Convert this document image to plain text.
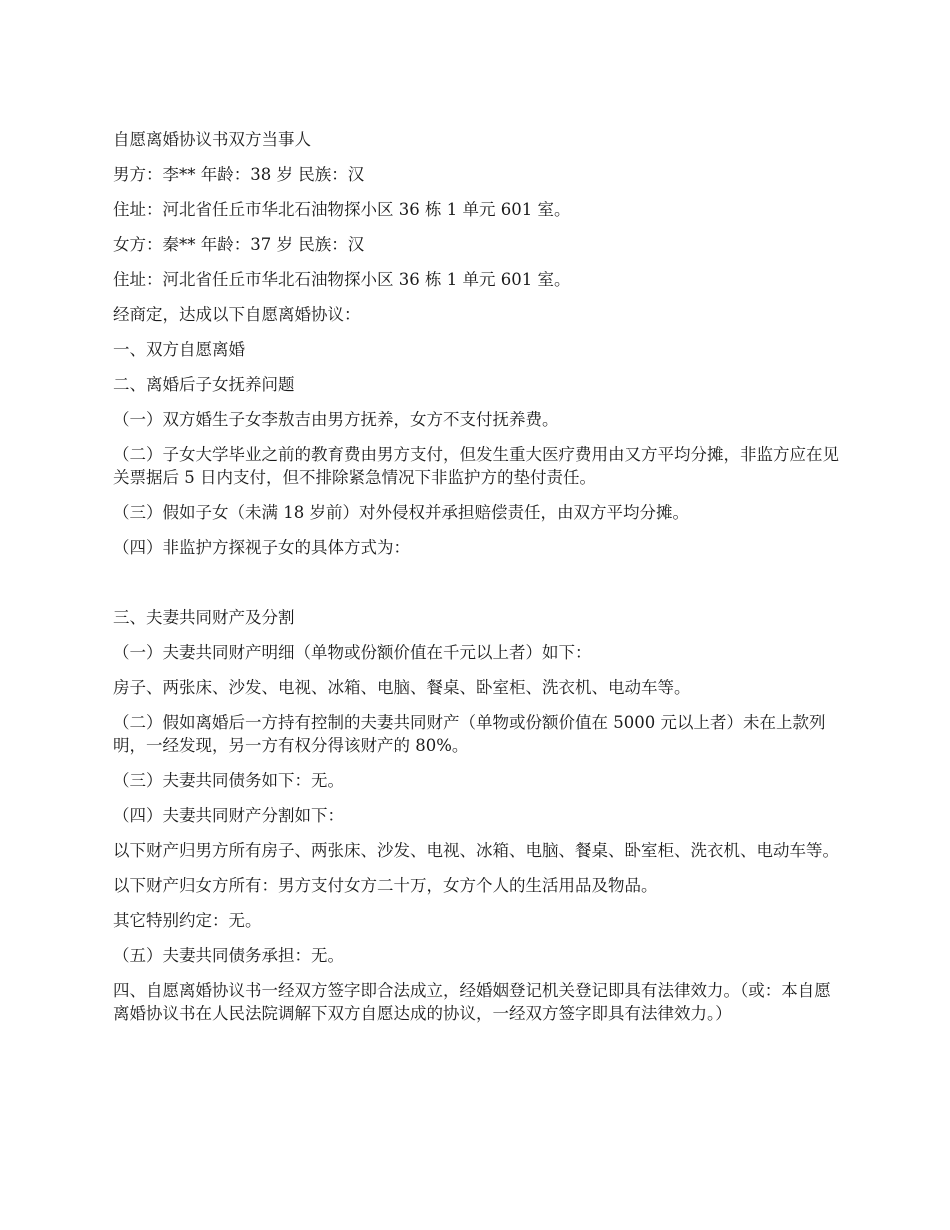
自愿离婚协议书双方当事人

男方：李** 年龄：38 岁 民族：汉

住址：河北省任丘市华北石油物探小区 36 栋 1 单元 601 室。

女方：秦** 年龄：37 岁 民族：汉

住址：河北省任丘市华北石油物探小区 36 栋 1 单元 601 室。

经商定，达成以下自愿离婚协议：

一、双方自愿离婚

二、离婚后子女抚养问题

（一）双方婚生子女李敖吉由男方抚养，女方不支付抚养费。

（二）子女大学毕业之前的教育费由男方支付，但发生重大医疗费用由又方平均分摊，非监方应在见关票据后 5 日内支付，但不排除紧急情况下非监护方的垫付责任。

（三）假如子女（未满 18 岁前）对外侵权并承担赔偿责任，由双方平均分摊。

（四）非监护方探视子女的具体方式为：

三、夫妻共同财产及分割

（一）夫妻共同财产明细（单物或份额价值在千元以上者）如下：

房子、两张床、沙发、电视、冰箱、电脑、餐桌、卧室柜、洗衣机、电动车等。

（二）假如离婚后一方持有控制的夫妻共同财产（单物或份额价值在 5000 元以上者）未在上款列明，一经发现，另一方有权分得该财产的 80%。

（三）夫妻共同债务如下：无。

（四）夫妻共同财产分割如下：

以下财产归男方所有房子、两张床、沙发、电视、冰箱、电脑、餐桌、卧室柜、洗衣机、电动车等。

以下财产归女方所有：男方支付女方二十万，女方个人的生活用品及物品。

其它特别约定：无。

（五）夫妻共同债务承担：无。

四、自愿离婚协议书一经双方签字即合法成立，经婚姻登记机关登记即具有法律效力。（或：本自愿离婚协议书在人民法院调解下双方自愿达成的协议，一经双方签字即具有法律效力。）
